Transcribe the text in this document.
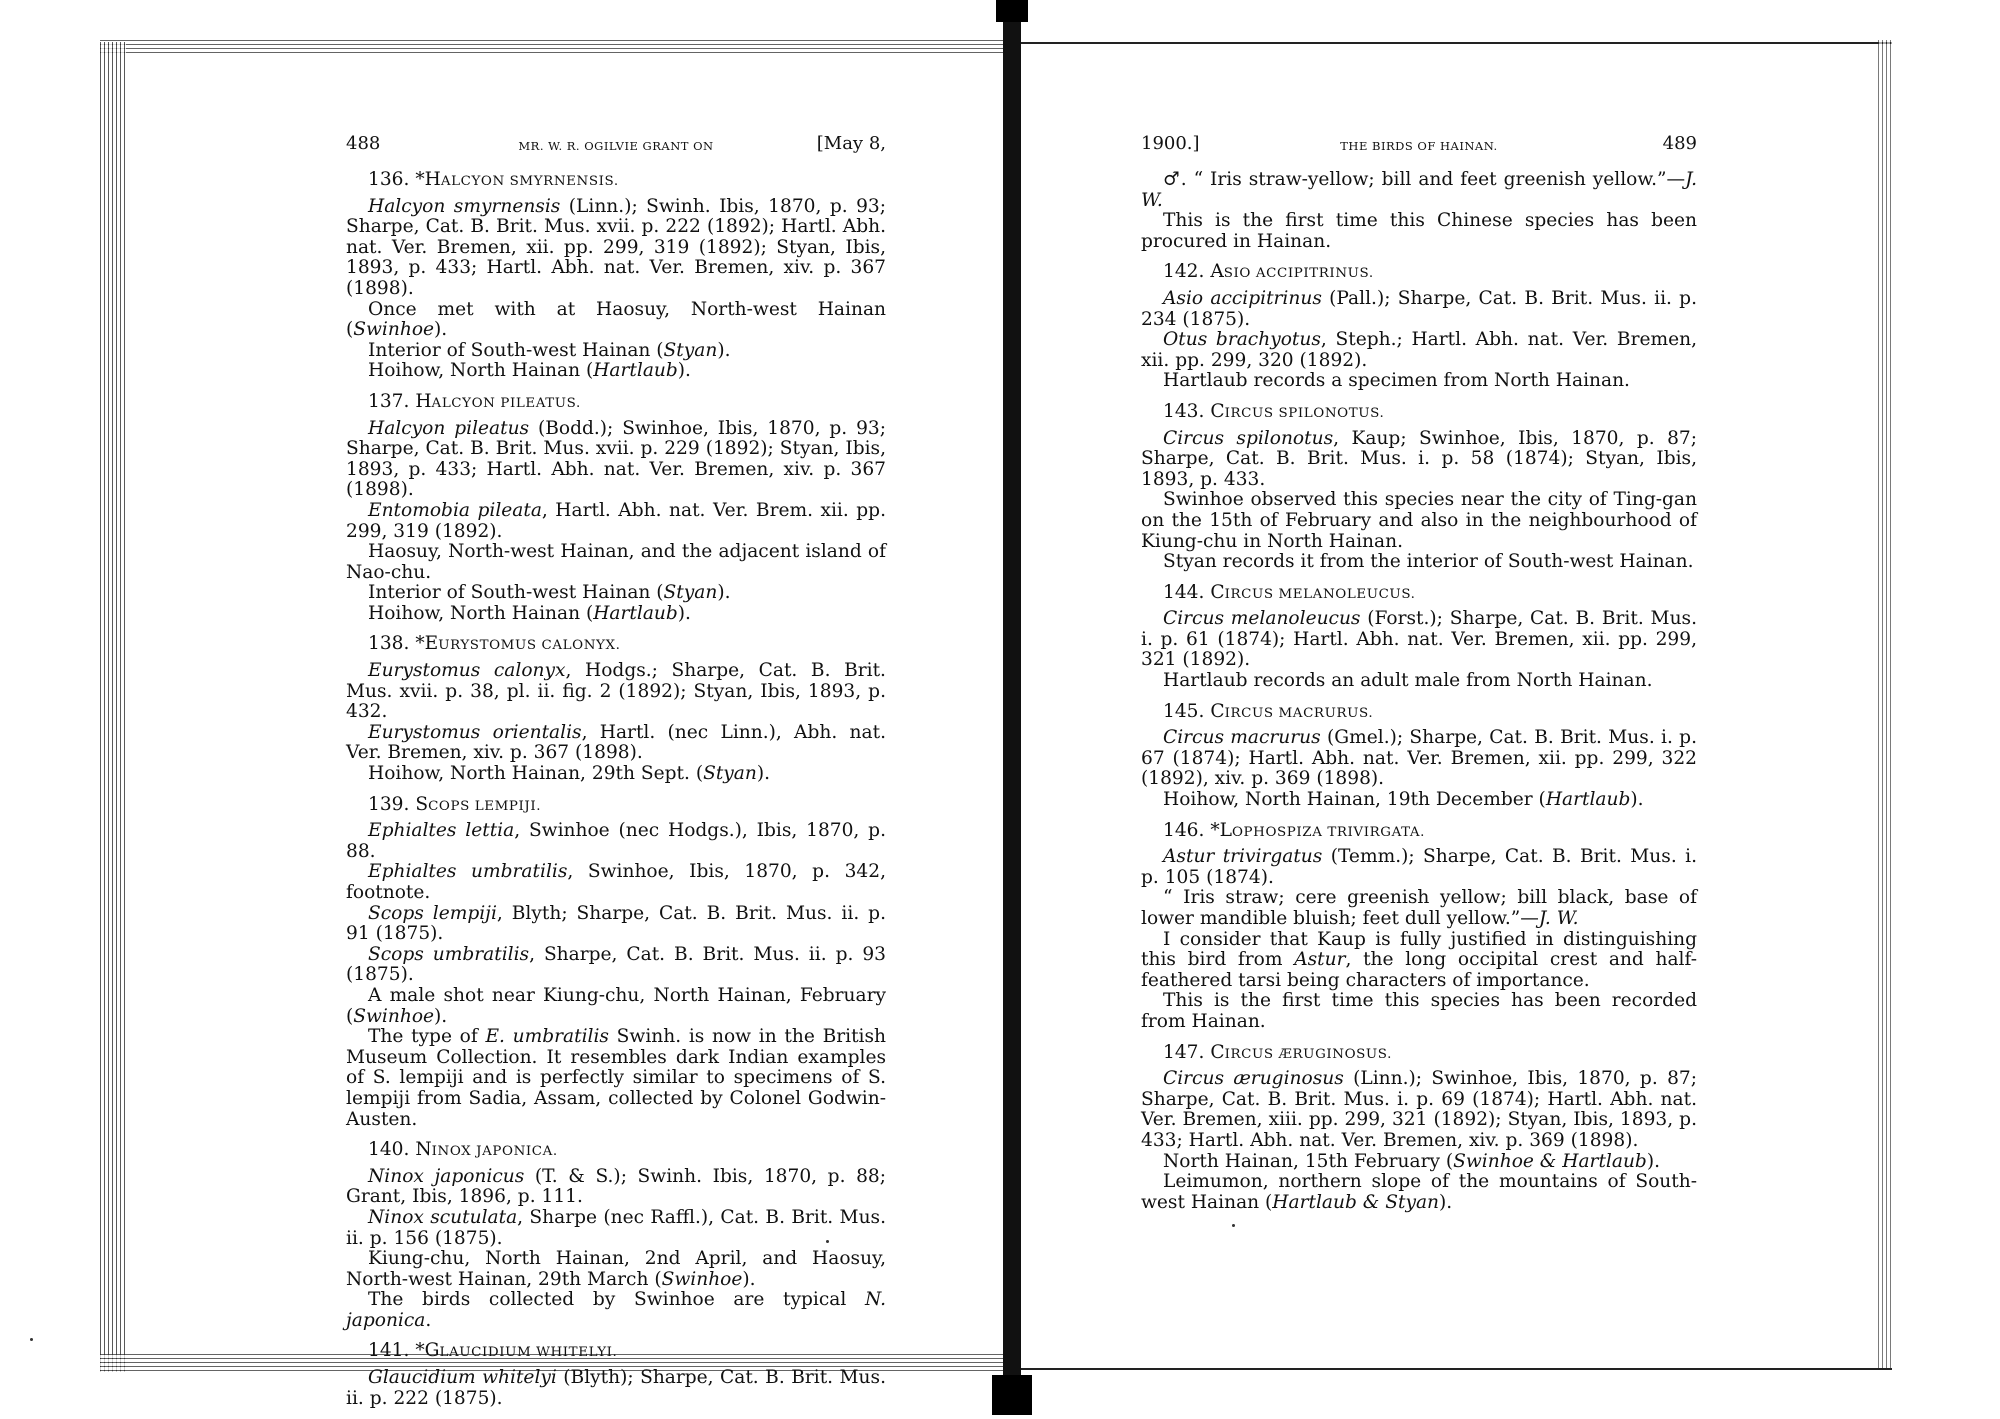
488	MR. W. R. OGILVIE GRANT ON	[May 8,
136. *HALCYON SMYRNENSIS.

Halcyon smyrnensis (Linn.); Swinh. Ibis, 1870, p. 93; Sharpe, Cat. B. Brit. Mus. xvii. p. 222 (1892); Hartl. Abh. nat. Ver. Bremen, xii. pp. 299, 319 (1892); Styan, Ibis, 1893, p. 433; Hartl. Abh. nat. Ver. Bremen, xiv. p. 367 (1898).

Once met with at Haosuy, North-west Hainan (Swinhoe).

Interior of South-west Hainan (Styan).

Hoihow, North Hainan (Hartlaub).

137. HALCYON PILEATUS.

Halcyon pileatus (Bodd.); Swinhoe, Ibis, 1870, p. 93; Sharpe, Cat. B. Brit. Mus. xvii. p. 229 (1892); Styan, Ibis, 1893, p. 433; Hartl. Abh. nat. Ver. Bremen, xiv. p. 367 (1898).

Entomobia pileata, Hartl. Abh. nat. Ver. Brem. xii. pp. 299, 319 (1892).

Haosuy, North-west Hainan, and the adjacent island of Nao-chu.

Interior of South-west Hainan (Styan).

Hoihow, North Hainan (Hartlaub).

138. *EURYSTOMUS CALONYX.

Eurystomus calonyx, Hodgs.; Sharpe, Cat. B. Brit. Mus. xvii. p. 38, pl. ii. fig. 2 (1892); Styan, Ibis, 1893, p. 432.

Eurystomus orientalis, Hartl. (nec Linn.), Abh. nat. Ver. Bremen, xiv. p. 367 (1898).

Hoihow, North Hainan, 29th Sept. (Styan).

139. SCOPS LEMPIJI.

Ephialtes lettia, Swinhoe (nec Hodgs.), Ibis, 1870, p. 88.

Ephialtes umbratilis, Swinhoe, Ibis, 1870, p. 342, footnote.

Scops lempiji, Blyth; Sharpe, Cat. B. Brit. Mus. ii. p. 91 (1875).

Scops umbratilis, Sharpe, Cat. B. Brit. Mus. ii. p. 93 (1875).

A male shot near Kiung-chu, North Hainan, February (Swinhoe).

The type of E. umbratilis Swinh. is now in the British Museum Collection. It resembles dark Indian examples of S. lempiji and is perfectly similar to specimens of S. lempiji from Sadia, Assam, collected by Colonel Godwin-Austen.

140. NINOX JAPONICA.

Ninox japonicus (T. & S.); Swinh. Ibis, 1870, p. 88; Grant, Ibis, 1896, p. 111.

Ninox scutulata, Sharpe (nec Raffl.), Cat. B. Brit. Mus. ii. p. 156 (1875).

Kiung-chu, North Hainan, 2nd April, and Haosuy, North-west Hainan, 29th March (Swinhoe).

The birds collected by Swinhoe are typical N. japonica.

141. *GLAUCIDIUM WHITELYI.

Glaucidium whitelyi (Blyth); Sharpe, Cat. B. Brit. Mus. ii. p. 222 (1875).

1900.]	THE BIRDS OF HAINAN.	489

♂. “ Iris straw-yellow; bill and feet greenish yellow.”—J. W.

This is the first time this Chinese species has been procured in Hainan.

142. ASIO ACCIPITRINUS.

Asio accipitrinus (Pall.); Sharpe, Cat. B. Brit. Mus. ii. p. 234 (1875).

Otus brachyotus, Steph.; Hartl. Abh. nat. Ver. Bremen, xii. pp. 299, 320 (1892).

Hartlaub records a specimen from North Hainan.

143. CIRCUS SPILONOTUS.

Circus spilonotus, Kaup; Swinhoe, Ibis, 1870, p. 87; Sharpe, Cat. B. Brit. Mus. i. p. 58 (1874); Styan, Ibis, 1893, p. 433.

Swinhoe observed this species near the city of Ting-gan on the 15th of February and also in the neighbourhood of Kiung-chu in North Hainan.

Styan records it from the interior of South-west Hainan.

144. CIRCUS MELANOLEUCUS.

Circus melanoleucus (Forst.); Sharpe, Cat. B. Brit. Mus. i. p. 61 (1874); Hartl. Abh. nat. Ver. Bremen, xii. pp. 299, 321 (1892).

Hartlaub records an adult male from North Hainan.

145. CIRCUS MACRURUS.

Circus macrurus (Gmel.); Sharpe, Cat. B. Brit. Mus. i. p. 67 (1874); Hartl. Abh. nat. Ver. Bremen, xii. pp. 299, 322 (1892), xiv. p. 369 (1898).

Hoihow, North Hainan, 19th December (Hartlaub).

146. *LOPHOSPIZA TRIVIRGATA.

Astur trivirgatus (Temm.); Sharpe, Cat. B. Brit. Mus. i. p. 105 (1874).

“ Iris straw; cere greenish yellow; bill black, base of lower mandible bluish; feet dull yellow.”—J. W.

I consider that Kaup is fully justified in distinguishing this bird from Astur, the long occipital crest and half-feathered tarsi being characters of importance.

This is the first time this species has been recorded from Hainan.

147. CIRCUS ÆRUGINOSUS.

Circus æruginosus (Linn.); Swinhoe, Ibis, 1870, p. 87; Sharpe, Cat. B. Brit. Mus. i. p. 69 (1874); Hartl. Abh. nat. Ver. Bremen, xiii. pp. 299, 321 (1892); Styan, Ibis, 1893, p. 433; Hartl. Abh. nat. Ver. Bremen, xiv. p. 369 (1898).

North Hainan, 15th February (Swinhoe & Hartlaub).

Leimumon, northern slope of the mountains of South-west Hainan (Hartlaub & Styan).
